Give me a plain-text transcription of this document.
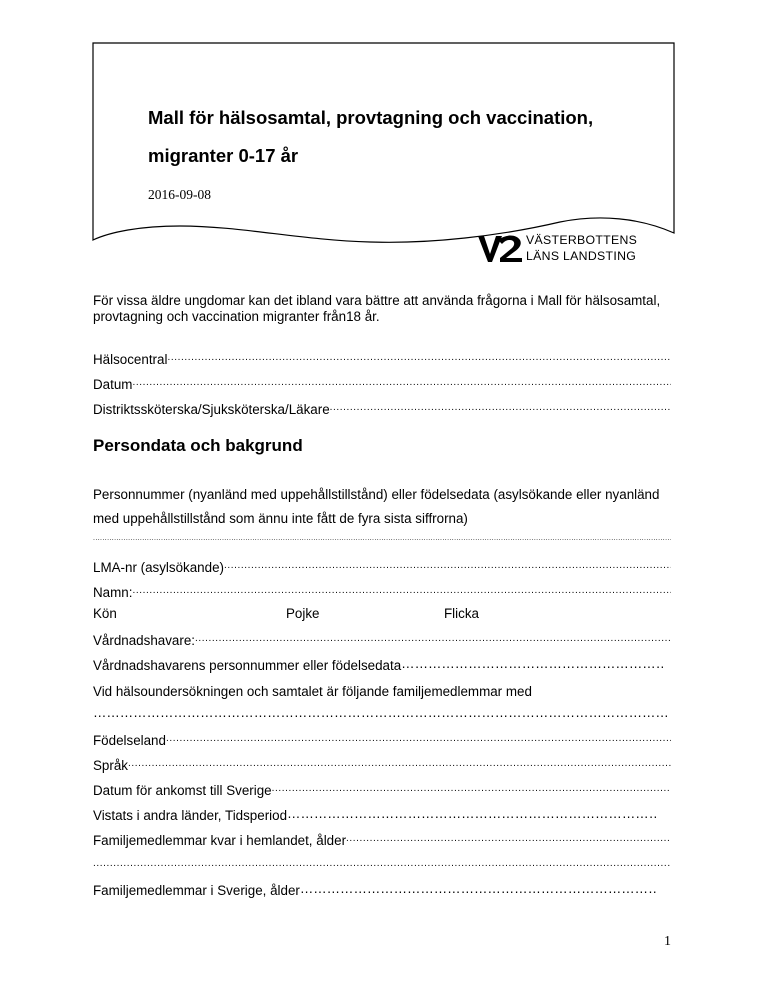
Mall för hälsosamtal, provtagning och vaccination, migranter 0-17 år
2016-09-08
VÄSTERBOTTENS
LÄNS LANDSTING

För vissa äldre ungdomar kan det ibland vara bättre att använda frågorna i Mall för hälsosamtal, provtagning och vaccination migranter från18 år.

Hälsocentral
.....
Datum
.....
Distriktssköterska/Sjuksköterska/Läkare
.....
Persondata och bakgrund

Personnummer (nyanländ med uppehållstillstånd) eller födelsedata (asylsökande eller nyanländ med uppehållstillstånd som ännu inte fått de fyra sista siffrorna)

.....
LMA-nr (asylsökande)
.....
Namn:
.....
Kön	Pojke	Flicka
Vårdnadshavare:
.....
Vårdnadshavarens personnummer eller födelsedata
………………………………………………………………………………………………………………………………
Vid hälsoundersökningen och samtalet är följande familjemedlemmar med
………………………………………………………………………………………………………………………………
Födelseland
.....
Språk
.....
Datum för ankomst till Sverige
.....
Vistats i andra länder, Tidsperiod
………………………………………………………………………………………………………………………………
Familjemedlemmar kvar i hemlandet, ålder
.....
.....
Familjemedlemmar i Sverige, ålder
………………………………………………………………………………………………………………………………
1
